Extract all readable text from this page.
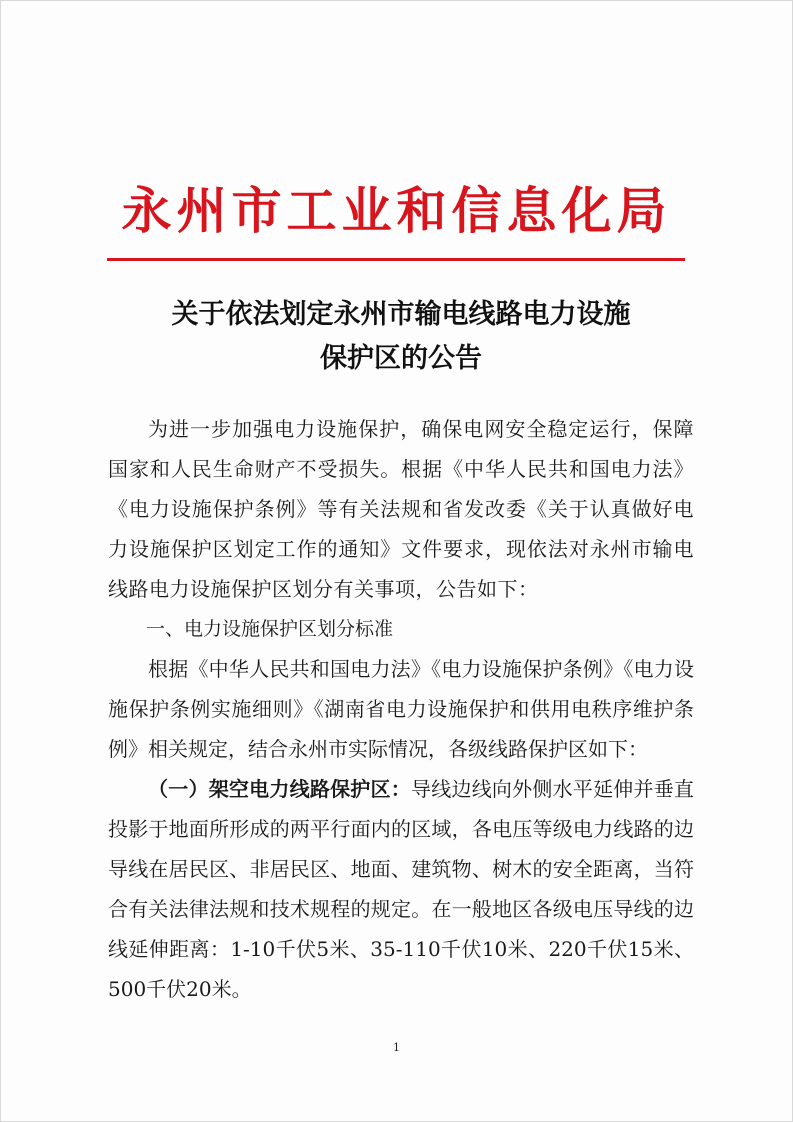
永州市工业和信息化局
关于依法划定永州市输电线路电力设施
保护区的公告

为进一步加强电力设施保护，确保电网安全稳定运行，保障国家和人民生命财产不受损失。根据《中华人民共和国电力法》《电力设施保护条例》等有关法规和省发改委《关于认真做好电力设施保护区划定工作的通知》文件要求，现依法对永州市输电线路电力设施保护区划分有关事项，公告如下：

一、电力设施保护区划分标准

根据《中华人民共和国电力法》《电力设施保护条例》《电力设施保护条例实施细则》《湖南省电力设施保护和供用电秩序维护条例》相关规定，结合永州市实际情况，各级线路保护区如下：

（一）架空电力线路保护区：导线边线向外侧水平延伸并垂直投影于地面所形成的两平行面内的区域，各电压等级电力线路的边导线在居民区、非居民区、地面、建筑物、树木的安全距离，当符合有关法律法规和技术规程的规定。在一般地区各级电压导线的边线延伸距离：1-10千伏5米、35-110千伏10米、220千伏15米、500千伏20米。

1
